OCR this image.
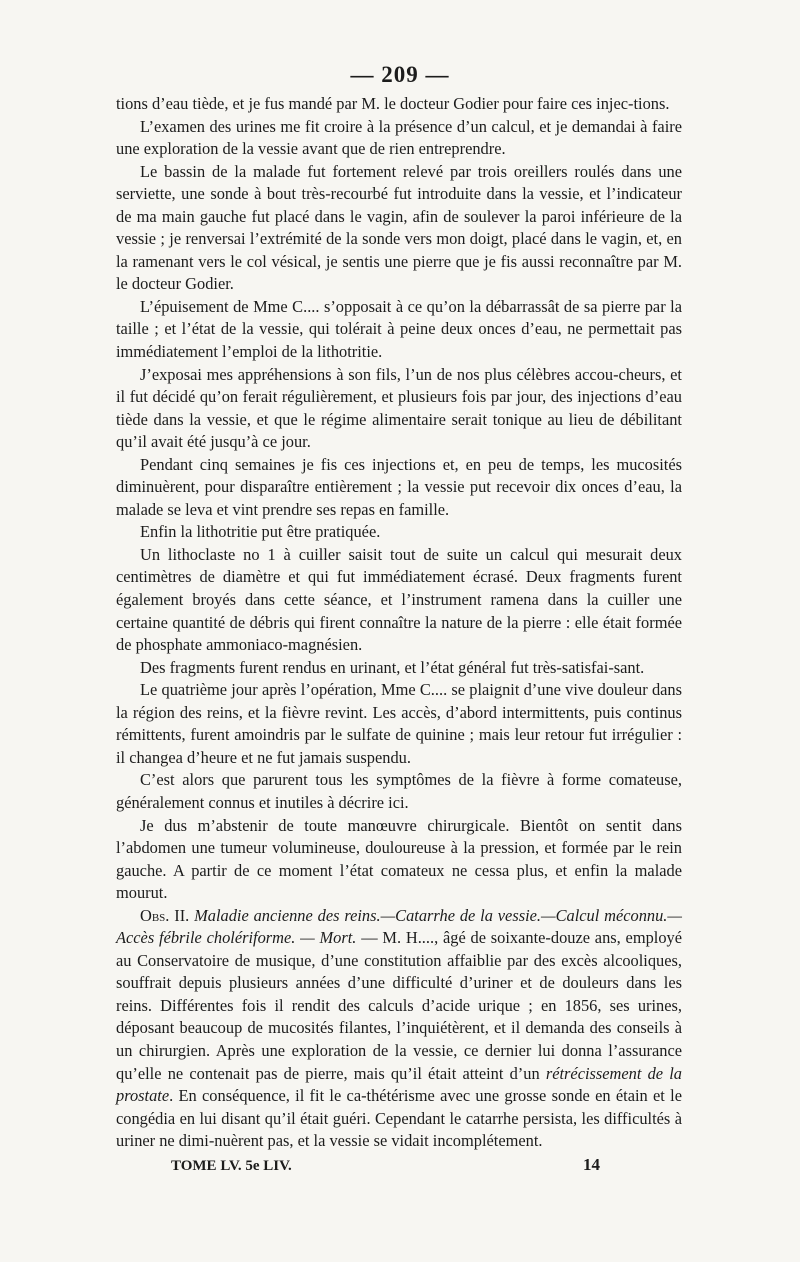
— 209 —

tions d’eau tiède, et je fus mandé par M. le docteur Godier pour faire ces injec-tions.

L’examen des urines me fit croire à la présence d’un calcul, et je demandai à faire une exploration de la vessie avant que de rien entreprendre.

Le bassin de la malade fut fortement relevé par trois oreillers roulés dans une serviette, une sonde à bout très-recourbé fut introduite dans la vessie, et l’indicateur de ma main gauche fut placé dans le vagin, afin de soulever la paroi inférieure de la vessie ; je renversai l’extrémité de la sonde vers mon doigt, placé dans le vagin, et, en la ramenant vers le col vésical, je sentis une pierre que je fis aussi reconnaître par M. le docteur Godier.

L’épuisement de Mme C.... s’opposait à ce qu’on la débarrassât de sa pierre par la taille ; et l’état de la vessie, qui tolérait à peine deux onces d’eau, ne permettait pas immédiatement l’emploi de la lithotritie.

J’exposai mes appréhensions à son fils, l’un de nos plus célèbres accou-cheurs, et il fut décidé qu’on ferait régulièrement, et plusieurs fois par jour, des injections d’eau tiède dans la vessie, et que le régime alimentaire serait tonique au lieu de débilitant qu’il avait été jusqu’à ce jour.

Pendant cinq semaines je fis ces injections et, en peu de temps, les mucosités diminuèrent, pour disparaître entièrement ; la vessie put recevoir dix onces d’eau, la malade se leva et vint prendre ses repas en famille.

Enfin la lithotritie put être pratiquée.

Un lithoclaste no 1 à cuiller saisit tout de suite un calcul qui mesurait deux centimètres de diamètre et qui fut immédiatement écrasé. Deux fragments furent également broyés dans cette séance, et l’instrument ramena dans la cuiller une certaine quantité de débris qui firent connaître la nature de la pierre : elle était formée de phosphate ammoniaco-magnésien.

Des fragments furent rendus en urinant, et l’état général fut très-satisfai-sant.

Le quatrième jour après l’opération, Mme C.... se plaignit d’une vive douleur dans la région des reins, et la fièvre revint. Les accès, d’abord intermittents, puis continus rémittents, furent amoindris par le sulfate de quinine ; mais leur retour fut irrégulier : il changea d’heure et ne fut jamais suspendu.

C’est alors que parurent tous les symptômes de la fièvre à forme comateuse, généralement connus et inutiles à décrire ici.

Je dus m’abstenir de toute manœuvre chirurgicale. Bientôt on sentit dans l’abdomen une tumeur volumineuse, douloureuse à la pression, et formée par le rein gauche. A partir de ce moment l’état comateux ne cessa plus, et enfin la malade mourut.

Obs. II. Maladie ancienne des reins.—Catarrhe de la vessie.—Calcul méconnu.—Accès fébrile cholériforme. — Mort. — M. H...., âgé de soixante-douze ans, employé au Conservatoire de musique, d’une constitution affaiblie par des excès alcooliques, souffrait depuis plusieurs années d’une difficulté d’uriner et de douleurs dans les reins. Différentes fois il rendit des calculs d’acide urique ; en 1856, ses urines, déposant beaucoup de mucosités filantes, l’inquiétèrent, et il demanda des conseils à un chirurgien. Après une exploration de la vessie, ce dernier lui donna l’assurance qu’elle ne contenait pas de pierre, mais qu’il était atteint d’un rétrécissement de la prostate. En conséquence, il fit le ca-thétérisme avec une grosse sonde en étain et le congédia en lui disant qu’il était guéri. Cependant le catarrhe persista, les difficultés à uriner ne dimi-nuèrent pas, et la vessie se vidait incomplétement.

TOME LV. 5e LIV.	14
